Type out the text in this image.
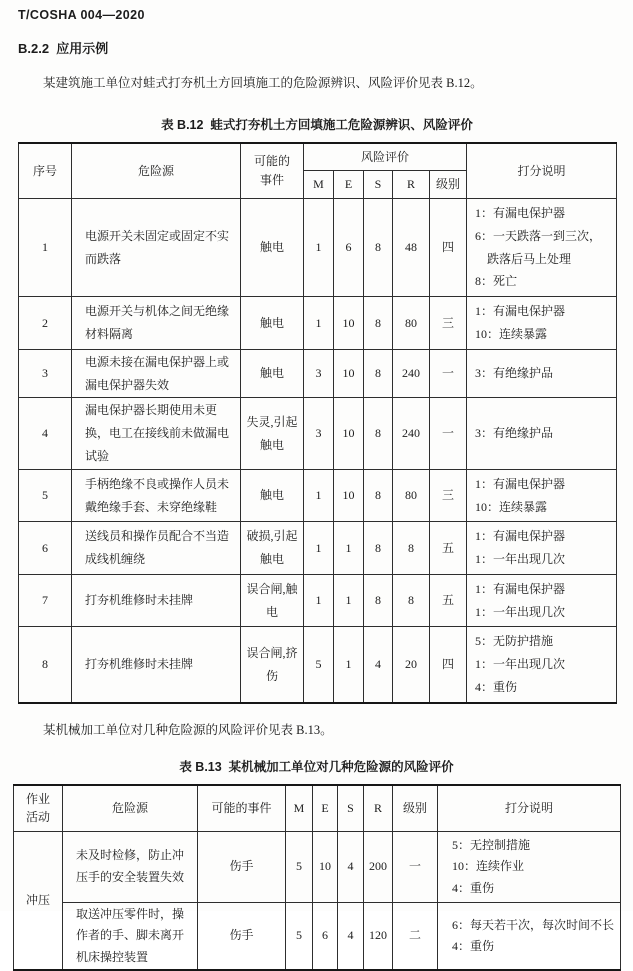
T/COSHA 004—2020
B.2.2  应用示例

某建筑施工单位对蛙式打夯机土方回填施工的危险源辨识、风险评价见表 B.12。

表 B.12  蛙式打夯机土方回填施工危险源辨识、风险评价
序号	危险源	可能的事件	风险评价					打分说明
			M	E	S	R	级别	
1	电源开关未固定或固定不实而跌落	触电	1	6	8	48	四	1：有漏电保护器
6：一天跌落一到三次，跌落后马上处理
8：死亡

2	电源开关与机体之间无绝缘材料隔离	触电	1	10	8	80	三	1：有漏电保护器
10：连续暴露

3	电源未接在漏电保护器上或漏电保护器失效	触电	3	10	8	240	一	3：有绝缘护品

4	漏电保护器长期使用未更换，电工在接线前未做漏电试验	失灵,引起触电	3	10	8	240	一	3：有绝缘护品

5	手柄绝缘不良或操作人员未戴绝缘手套、未穿绝缘鞋	触电	1	10	8	80	三	1：有漏电保护器
10：连续暴露

6	送线员和操作员配合不当造成线机缠绕	破损,引起触电	1	1	8	8	五	1：有漏电保护器
1：一年出现几次

7	打夯机维修时未挂牌	误合闸,触电	1	1	8	8	五	1：有漏电保护器
1：一年出现几次

8	打夯机维修时未挂牌	误合闸,挤伤	5	1	4	20	四	5：无防护措施
1：一年出现几次
4：重伤

某机械加工单位对几种危险源的风险评价见表 B.13。

表 B.13  某机械加工单位对几种危险源的风险评价
作业活动	危险源	可能的事件	M	E	S	R	级别	打分说明
冲压	未及时检修，防止冲压手的安全装置失效	伤手	5	10	4	200	一	5：无控制措施
10：连续作业
4：重伤

	取送冲压零件时，操作者的手、脚未离开机床操控装置	伤手	5	6	4	120	二	6：每天若干次，每次时间不长
4：重伤
